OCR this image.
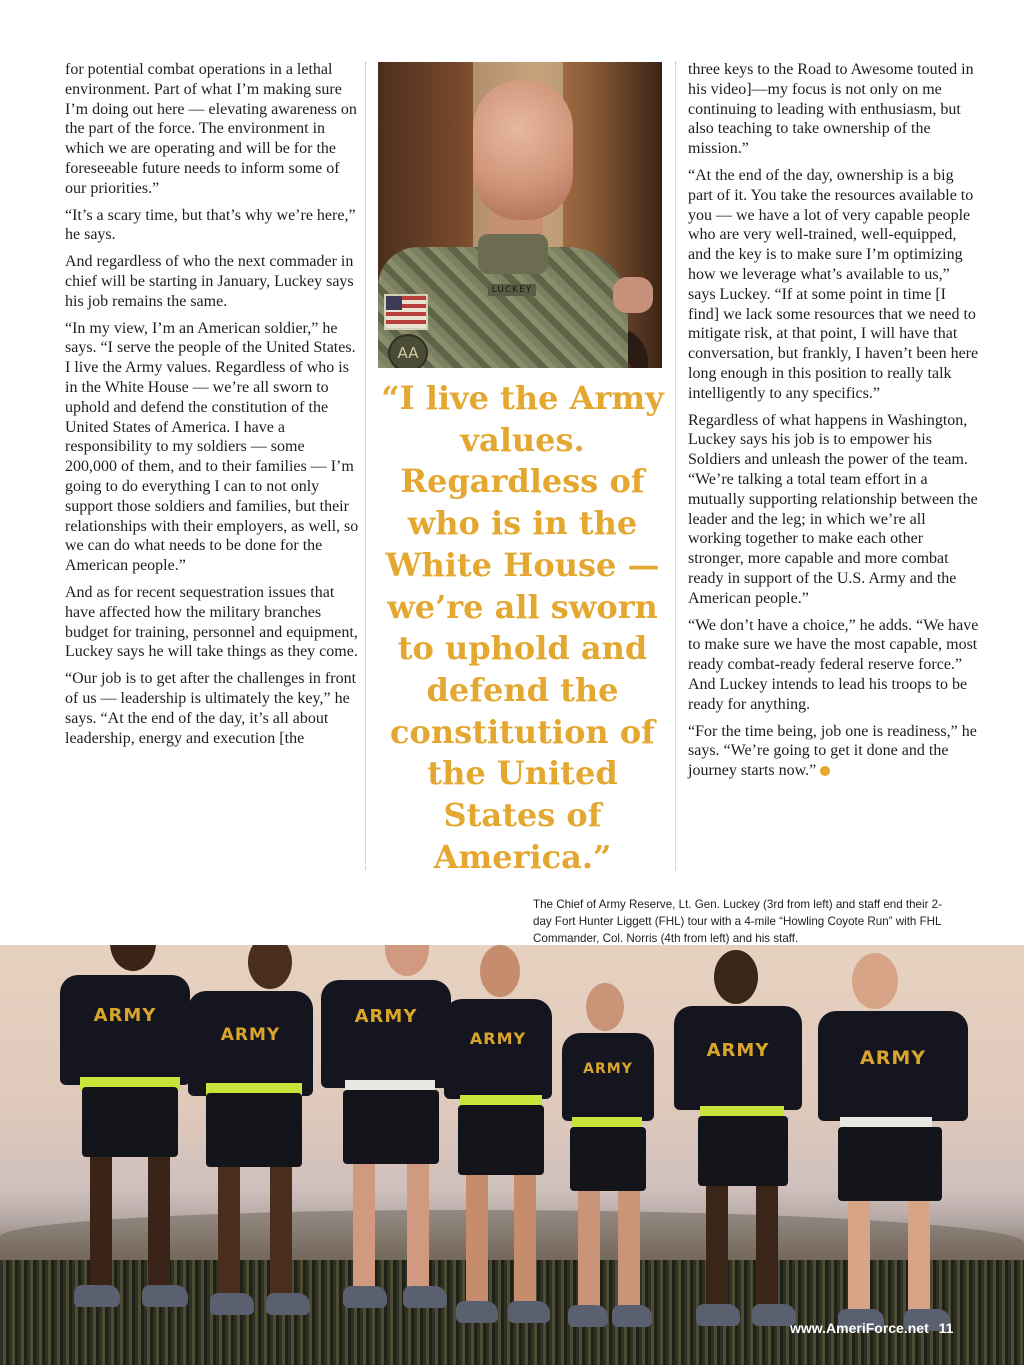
for potential combat operations in a lethal environment. Part of what I’m making sure I’m doing out here — elevating awareness on the part of the force. The environment in which we are operating and will be for the foreseeable future needs to inform some of our priorities.”

“It’s a scary time, but that’s why we’re here,” he says.

And regardless of who the next commader in chief will be starting in January, Luckey says his job remains the same.

“In my view, I’m an American soldier,” he says. “I serve the people of the United States. I live the Army values. Regardless of who is in the White House — we’re all sworn to uphold and defend the constitution of the United States of America. I have a responsibility to my soldiers — some 200,000 of them, and to their families — I’m going to do everything I can to not only support those soldiers and families, but their relationships with their employers, as well, so we can do what needs to be done for the American people.”

And as for recent sequestration issues that have affected how the military branches budget for training, personnel and equipment, Luckey says he will take things as they come.

“Our job is to get after the challenges in front of us — leadership is ultimately the key,” he says. “At the end of the day, it’s all about leadership, energy and execution [the

LUCKEY
AA
“I live the Army values. Regardless of who is in the White House — we’re all sworn to uphold and defend the constitution of the United States of America.”

three keys to the Road to Awesome touted in his video]—my focus is not only on me continuing to leading with enthusiasm, but also teaching to take ownership of the mission.”

“At the end of the day, ownership is a big part of it. You take the resources available to you — we have a lot of very capable people who are very well-trained, well-equipped, and the key is to make sure I’m optimizing how we leverage what’s available to us,” says Luckey. “If at some point in time [I find] we lack some resources that we need to mitigate risk, at that point, I will have that conversation, but frankly, I haven’t been here long enough in this position to really talk intelligently to any specifics.”

Regardless of what happens in Washington, Luckey says his job is to empower his Soldiers and unleash the power of the team. “We’re talking a total team effort in a mutually supporting relationship between the leader and the leg; in which we’re all working together to make each other stronger, more capable and more combat ready in support of the U.S. Army and the American people.”

“We don’t have a choice,” he adds. “We have to make sure we have the most capable, most ready combat-ready federal reserve force.” And Luckey intends to lead his troops to be ready for anything.

“For the time being, job one is readiness,” he says. “We’re going to get it done and the journey starts now.”

The Chief of Army Reserve, Lt. Gen. Luckey (3rd from left) and staff end their 2-day Fort Hunter Liggett (FHL) tour with a 4-mile “Howling Coyote Run” with FHL Commander, Col. Norris (4th from left) and his staff.
ARMY
ARMY
ARMY
ARMY
ARMY
ARMY	ARMY
www.AmeriForce.net 11
